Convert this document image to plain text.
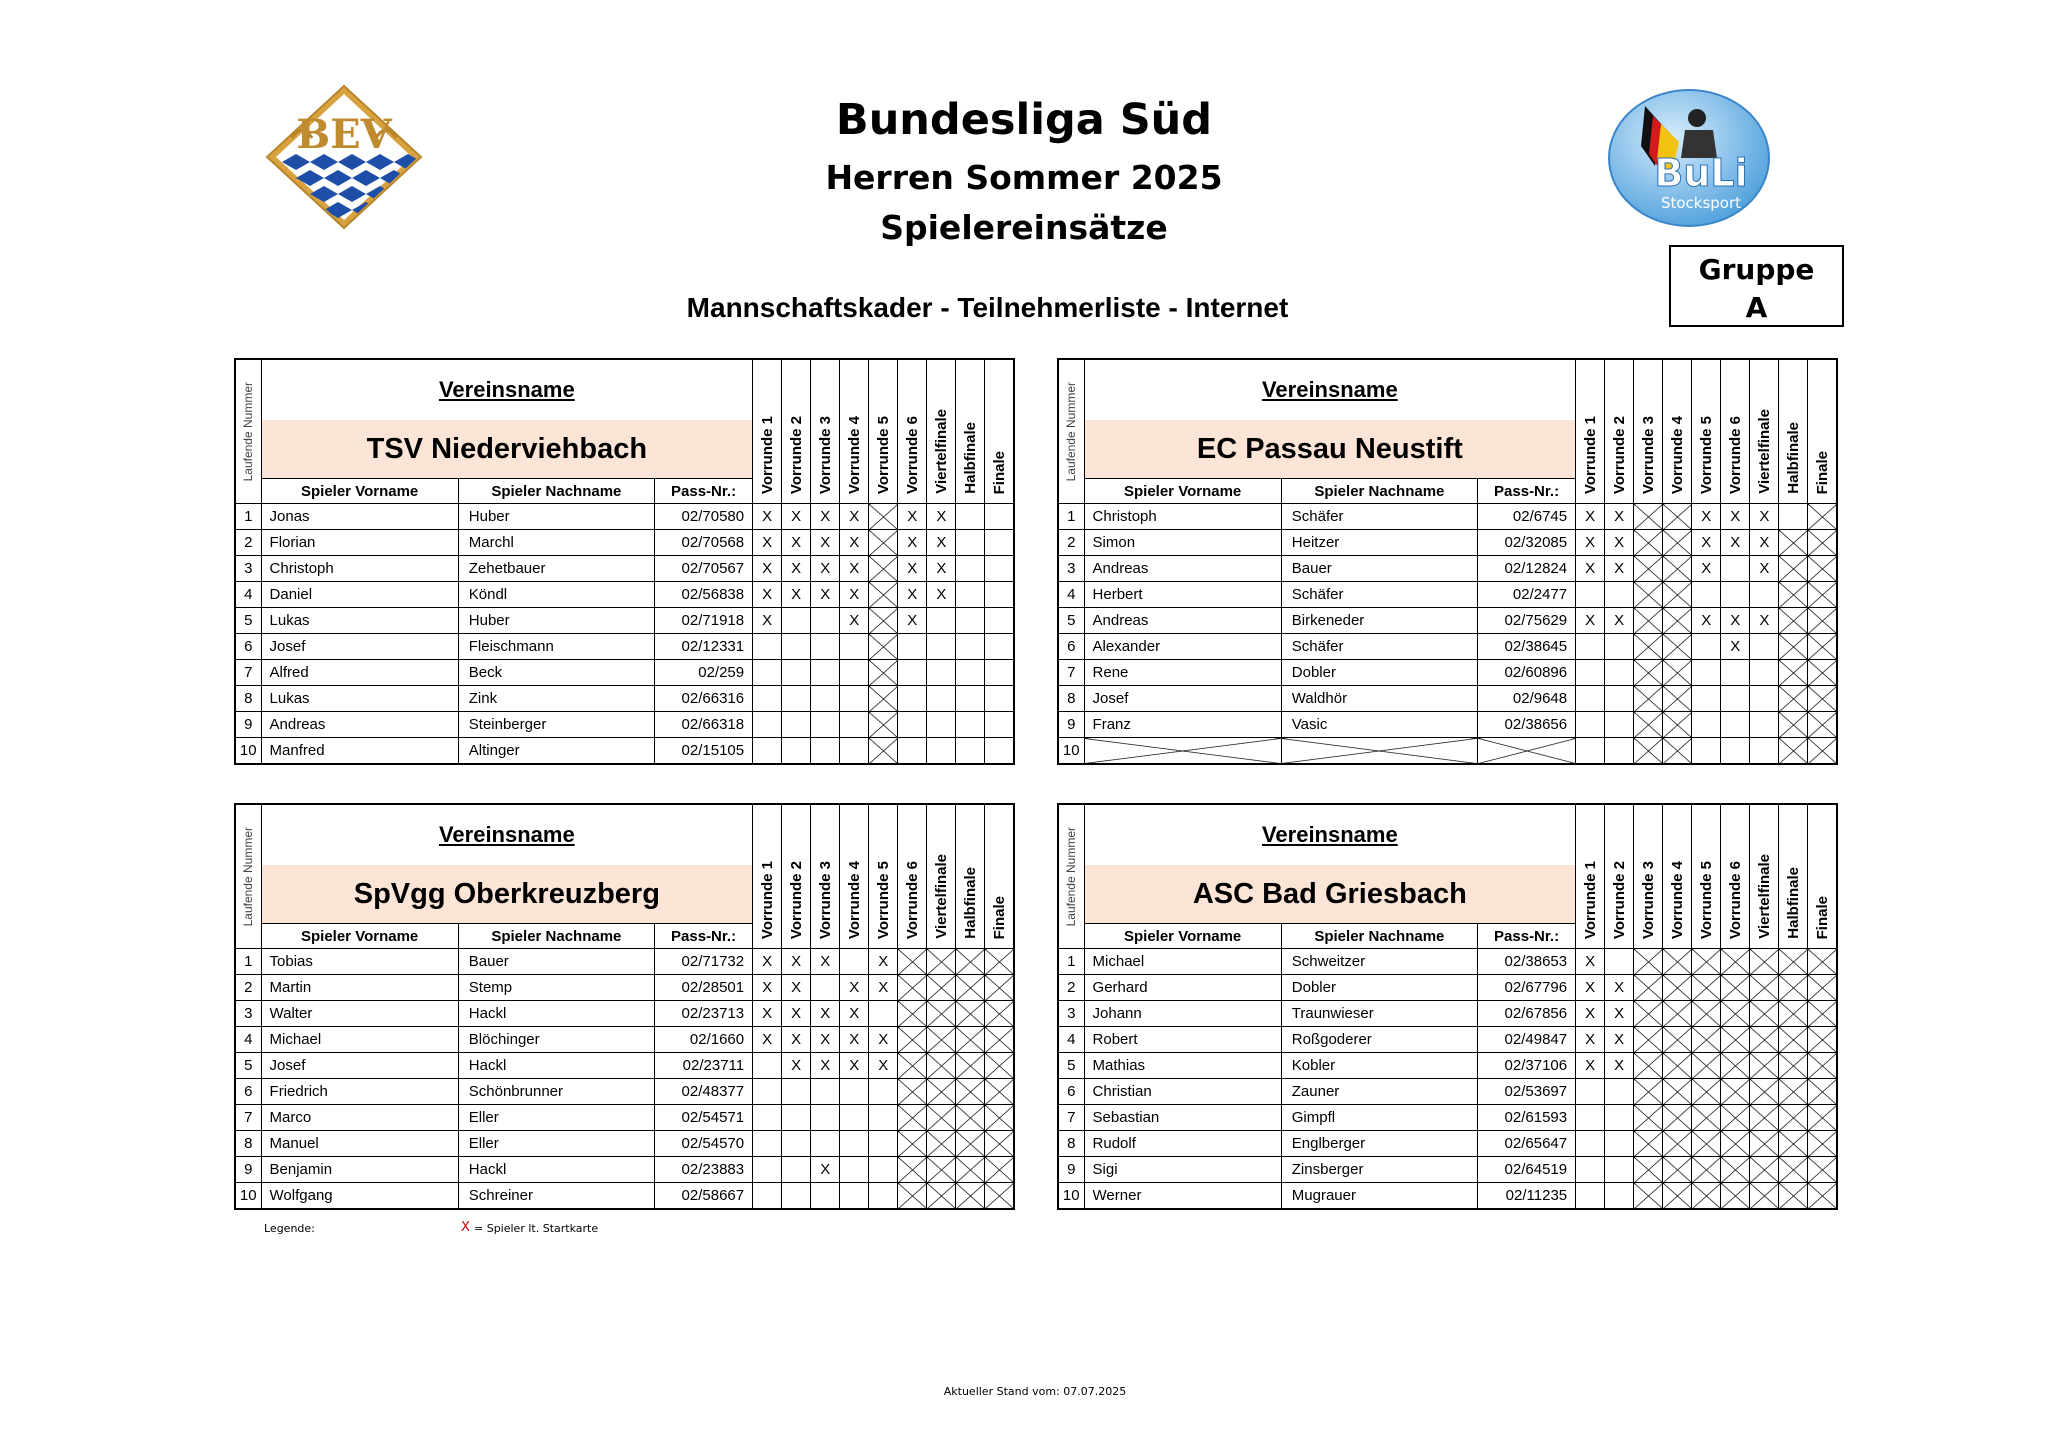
Bundesliga Süd
Herren Sommer 2025
Spielereinsätze
Mannschaftskader - Teilnehmerliste - Internet
Gruppe
A
BEV
BuLi
Stocksport
Laufende Nummer	Vereinsname			Vorrunde 1	Vorrunde 2	Vorrunde 3	Vorrunde 4	Vorrunde 5	Vorrunde 6	Viertelfinale	Halbfinale	Finale
	TSV Niederviehbach											
	Spieler Vorname	Spieler Nachname	Pass-Nr.:									
1	Jonas	Huber	02/70580	X	X	X	X		X	X		
2	Florian	Marchl	02/70568	X	X	X	X		X	X		
3	Christoph	Zehetbauer	02/70567	X	X	X	X		X	X		
4	Daniel	Köndl	02/56838	X	X	X	X		X	X		
5	Lukas	Huber	02/71918	X			X		X			
6	Josef	Fleischmann	02/12331									
7	Alfred	Beck	02/259									
8	Lukas	Zink	02/66316									
9	Andreas	Steinberger	02/66318									
10	Manfred	Altinger	02/15105									
Laufende Nummer	Vereinsname			Vorrunde 1	Vorrunde 2	Vorrunde 3	Vorrunde 4	Vorrunde 5	Vorrunde 6	Viertelfinale	Halbfinale	Finale
	EC Passau Neustift											
	Spieler Vorname	Spieler Nachname	Pass-Nr.:									
1	Christoph	Schäfer	02/6745	X	X			X	X	X		
2	Simon	Heitzer	02/32085	X	X			X	X	X		
3	Andreas	Bauer	02/12824	X	X			X		X		
4	Herbert	Schäfer	02/2477									
5	Andreas	Birkeneder	02/75629	X	X			X	X	X		
6	Alexander	Schäfer	02/38645						X			
7	Rene	Dobler	02/60896									
8	Josef	Waldhör	02/9648									
9	Franz	Vasic	02/38656									
10												
Laufende Nummer	Vereinsname			Vorrunde 1	Vorrunde 2	Vorrunde 3	Vorrunde 4	Vorrunde 5	Vorrunde 6	Viertelfinale	Halbfinale	Finale
	SpVgg Oberkreuzberg											
	Spieler Vorname	Spieler Nachname	Pass-Nr.:									
1	Tobias	Bauer	02/71732	X	X	X		X				
2	Martin	Stemp	02/28501	X	X		X	X				
3	Walter	Hackl	02/23713	X	X	X	X					
4	Michael	Blöchinger	02/1660	X	X	X	X	X				
5	Josef	Hackl	02/23711		X	X	X	X				
6	Friedrich	Schönbrunner	02/48377									
7	Marco	Eller	02/54571									
8	Manuel	Eller	02/54570									
9	Benjamin	Hackl	02/23883			X						
10	Wolfgang	Schreiner	02/58667									
Laufende Nummer	Vereinsname			Vorrunde 1	Vorrunde 2	Vorrunde 3	Vorrunde 4	Vorrunde 5	Vorrunde 6	Viertelfinale	Halbfinale	Finale
	ASC Bad Griesbach											
	Spieler Vorname	Spieler Nachname	Pass-Nr.:									
1	Michael	Schweitzer	02/38653	X								
2	Gerhard	Dobler	02/67796	X	X							
3	Johann	Traunwieser	02/67856	X	X							
4	Robert	Roßgoderer	02/49847	X	X							
5	Mathias	Kobler	02/37106	X	X							
6	Christian	Zauner	02/53697									
7	Sebastian	Gimpfl	02/61593									
8	Rudolf	Englberger	02/65647									
9	Sigi	Zinsberger	02/64519									
10	Werner	Mugrauer	02/11235									
Legende:	X = Spieler lt. Startkarte
Aktueller Stand vom: 07.07.2025
